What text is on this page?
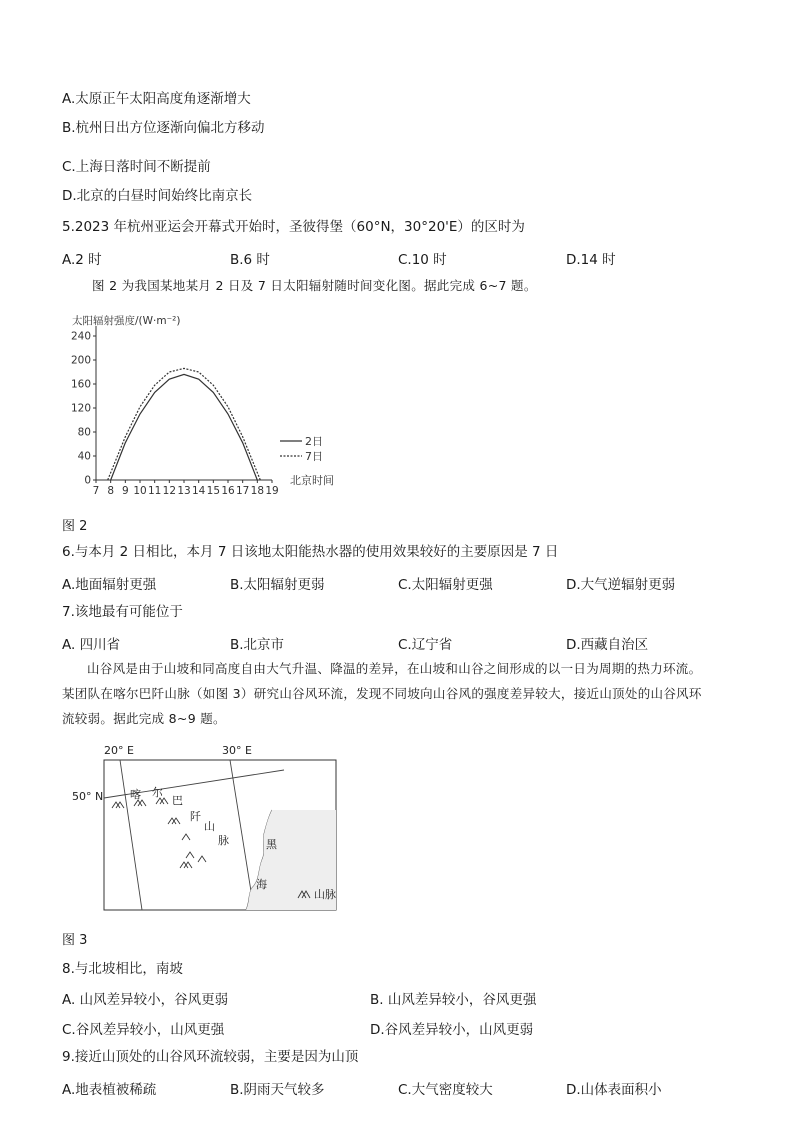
A.太原正午太阳高度角逐渐增大
B.杭州日出方位逐渐向偏北方移动
C.上海日落时间不断提前
D.北京的白昼时间始终比南京长
5.2023 年杭州亚运会开幕式开始时，圣彼得堡（60°N，30°20'E）的区时为
A.2 时	B.6 时	C.10 时	D.14 时
图 2 为我国某地某月 2 日及 7 日太阳辐射随时间变化图。据此完成 6~7 题。
太阳辐射强度/(W·m⁻²)
0
40
80
120
160
200
240
7 8 9 10 11 12 13 14 15 16 17 18 19
北京时间
2日
7日
图 2
6.与本月 2 日相比，本月 7 日该地太阳能热水器的使用效果较好的主要原因是 7 日
A.地面辐射更强	B.太阳辐射更弱	C.太阳辐射更强	D.大气逆辐射更弱
7.该地最有可能位于
A. 四川省	B.北京市	C.辽宁省	D.西藏自治区
山谷风是由于山坡和同高度自由大气升温、降温的差异，在山坡和山谷之间形成的以一日为周期的热力环流。某团队在喀尔巴阡山脉（如图 3）研究山谷风环流，发现不同坡向山谷风的强度差异较大，接近山顶处的山谷风环流较弱。据此完成 8~9 题。
20° E	30° E
50° N 喀 尔
巴
阡
山
脉	黑
海
山脉
图 3
8.与北坡相比，南坡
A. 山风差异较小，谷风更弱	B. 山风差异较小，谷风更强
C.谷风差异较小，山风更强	D.谷风差异较小，山风更弱
9.接近山顶处的山谷风环流较弱，主要是因为山顶
A.地表植被稀疏	B.阴雨天气较多	C.大气密度较大	D.山体表面积小
